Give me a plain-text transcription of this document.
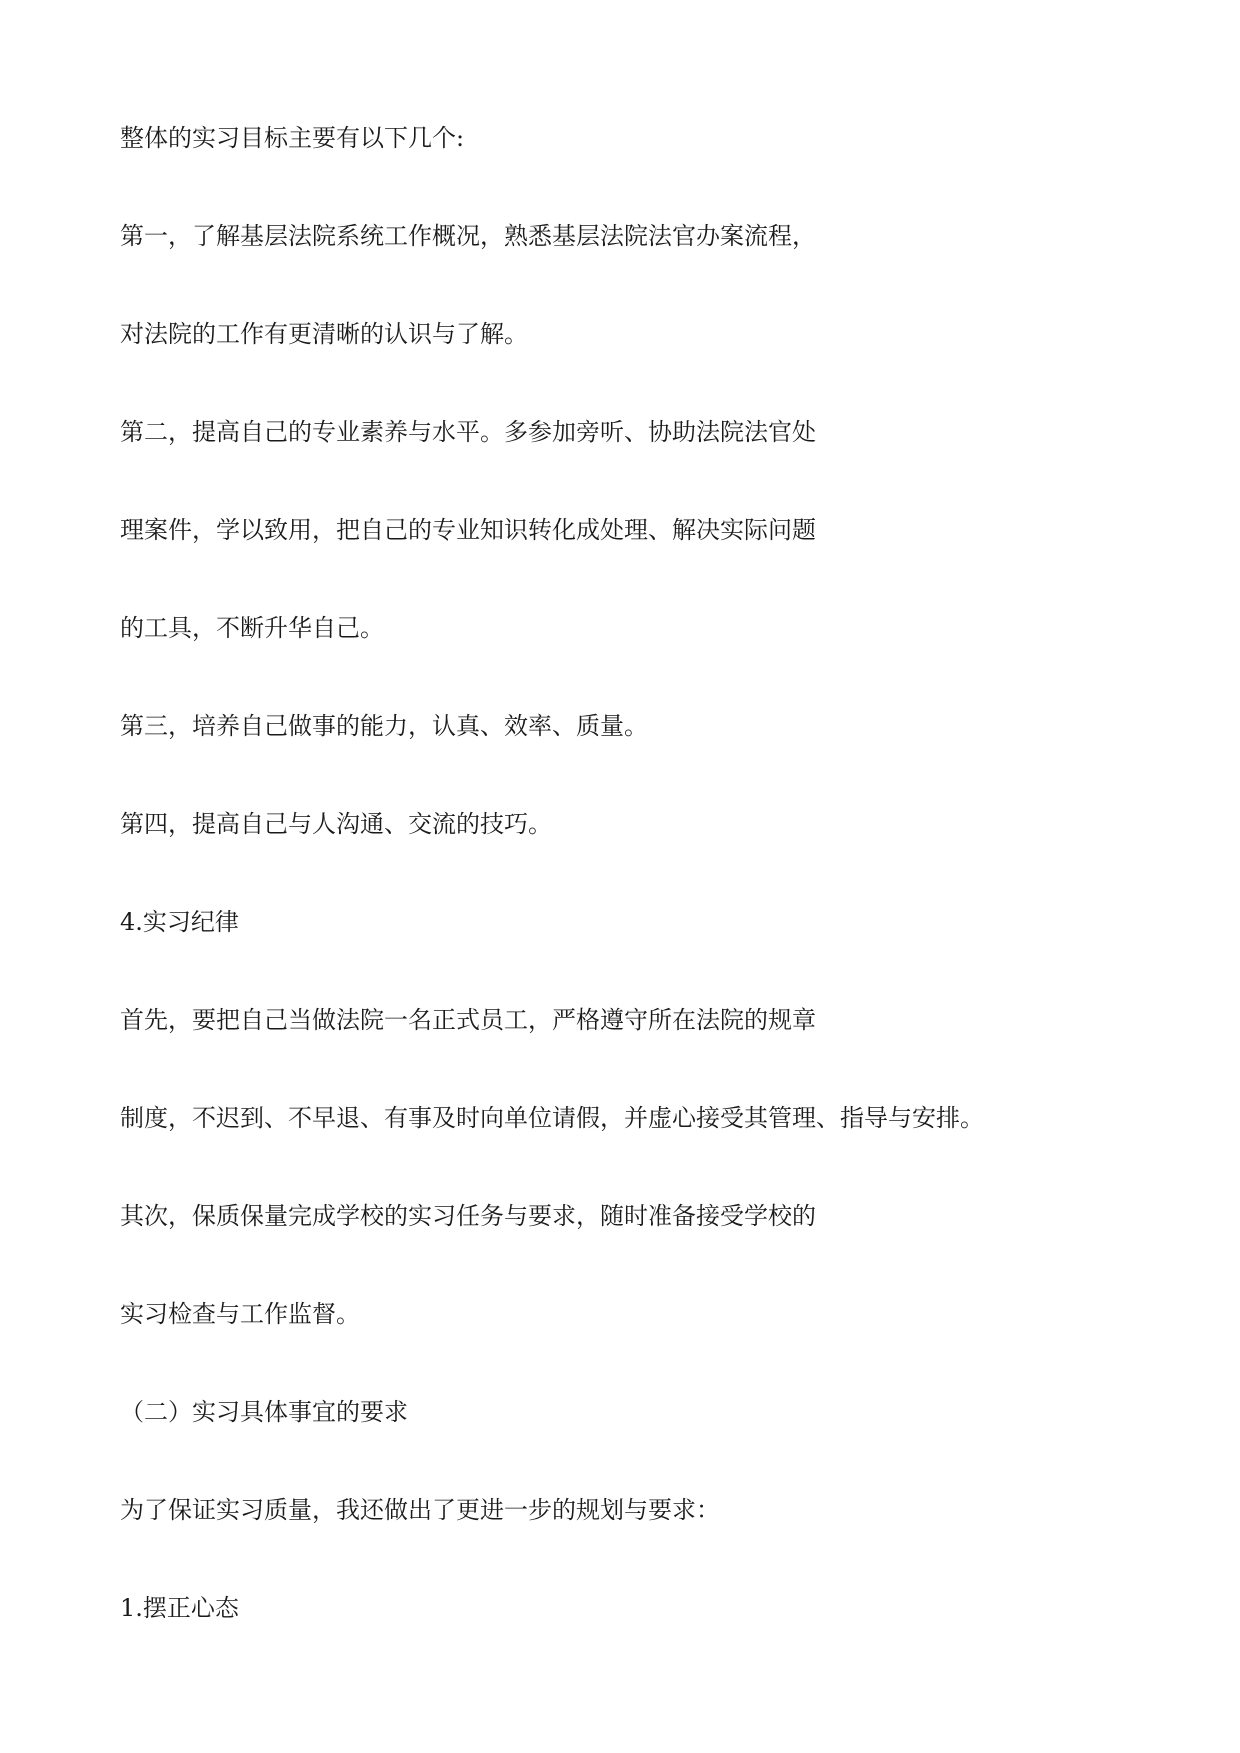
整体的实习目标主要有以下几个:

第一，了解基层法院系统工作概况，熟悉基层法院法官办案流程，

对法院的工作有更清晰的认识与了解。

第二，提高自己的专业素养与水平。多参加旁听、协助法院法官处

理案件，学以致用，把自己的专业知识转化成处理、解决实际问题

的工具，不断升华自己。

第三，培养自己做事的能力，认真、效率、质量。

第四，提高自己与人沟通、交流的技巧。

4.实习纪律

首先，要把自己当做法院一名正式员工，严格遵守所在法院的规章

制度，不迟到、不早退、有事及时向单位请假，并虚心接受其管理、指导与安排。

其次，保质保量完成学校的实习任务与要求，随时准备接受学校的

实习检查与工作监督。

（二）实习具体事宜的要求

为了保证实习质量，我还做出了更进一步的规划与要求：

1.摆正心态
